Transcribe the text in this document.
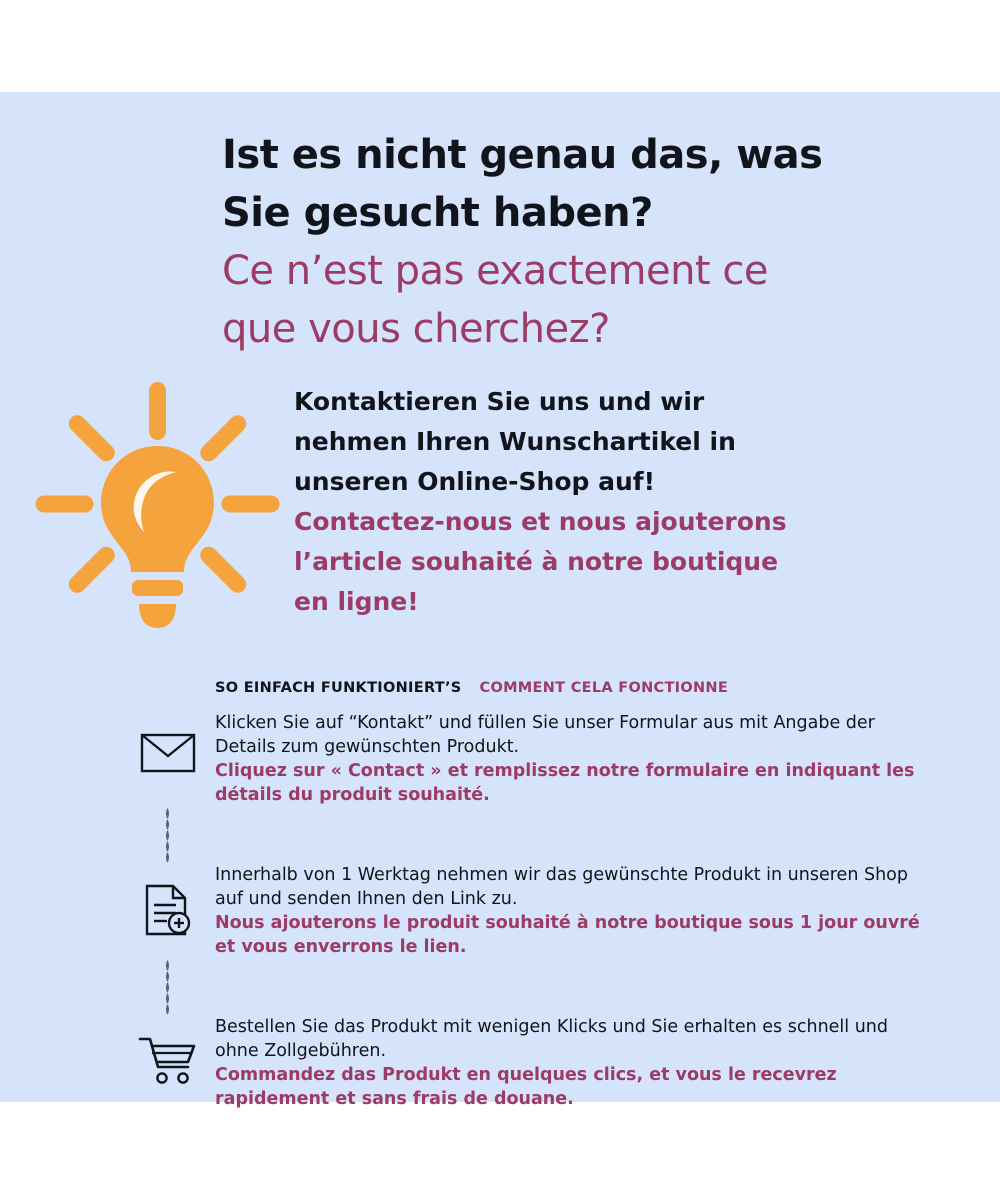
Ist es nicht genau das, was

Sie gesucht haben?

Ce n’est pas exactement ce

que vous cherchez?

Kontaktieren Sie uns und wir

nehmen Ihren Wunschartikel in

unseren Online-Shop auf!

Contactez-nous et nous ajouterons

l’article souhaité à notre boutique

en ligne!

SO EINFACH FUNKTIONIERT’S COMMENT CELA FONCTIONNE

Klicken Sie auf “Kontakt” und füllen Sie unser Formular aus mit Angabe der Details zum gewünschten Produkt.

Cliquez sur « Contact » et remplissez notre formulaire en indiquant les détails du produit souhaité.

Innerhalb von 1 Werktag nehmen wir das gewünschte Produkt in unseren Shop auf und senden Ihnen den Link zu.

Nous ajouterons le produit souhaité à notre boutique sous 1 jour ouvré et vous enverrons le lien.

Bestellen Sie das Produkt mit wenigen Klicks und Sie erhalten es schnell und ohne Zollgebühren.

Commandez das Produkt en quelques clics, et vous le recevrez rapidement et sans frais de douane.
